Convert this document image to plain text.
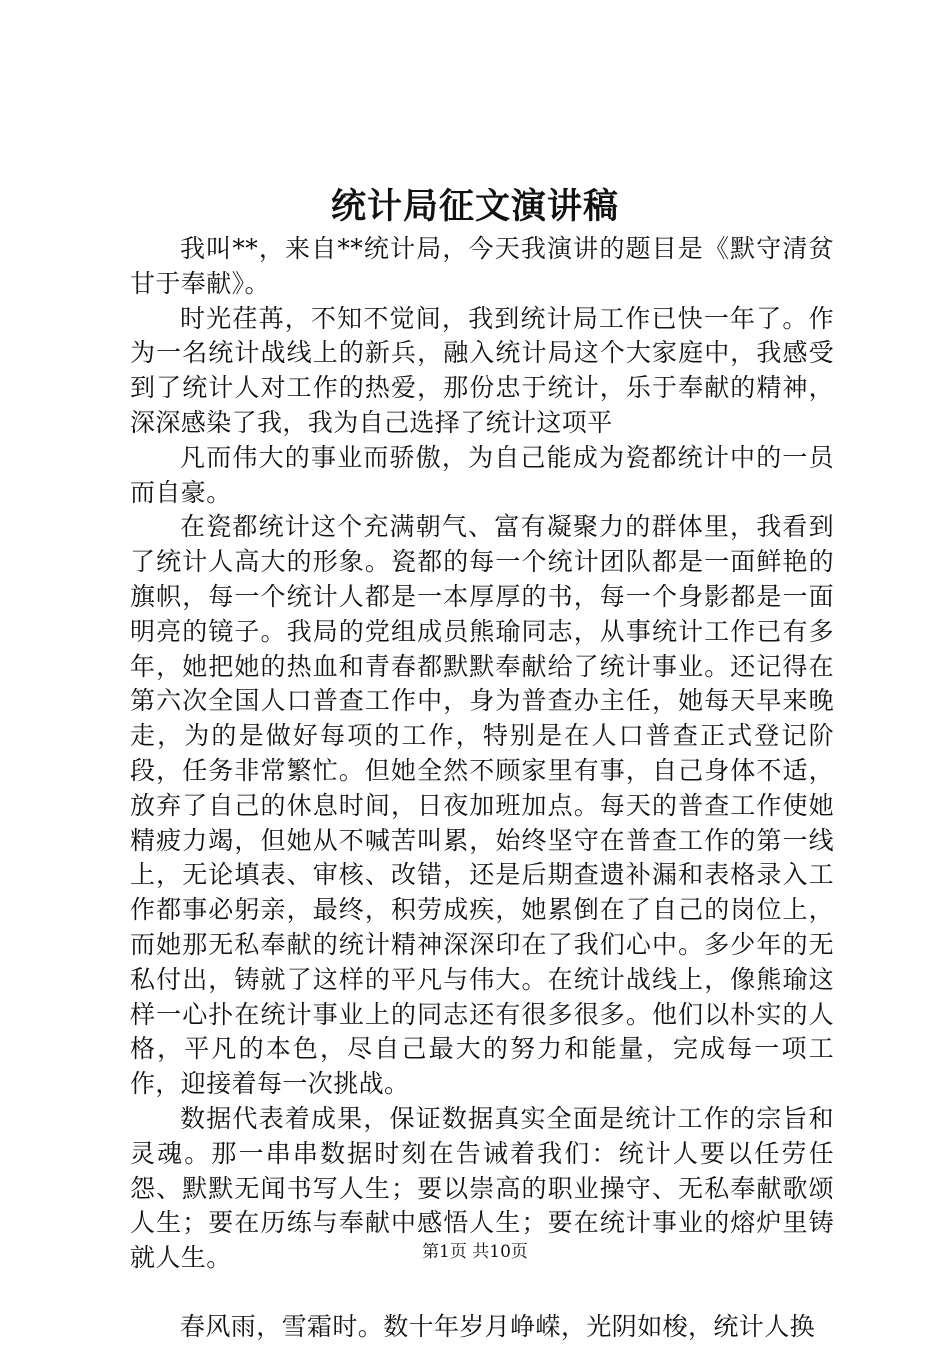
统计局征文演讲稿

我叫**，来自**统计局，今天我演讲的题目是《默守清贫甘于奉献》。

时光荏苒，不知不觉间，我到统计局工作已快一年了。作为一名统计战线上的新兵，融入统计局这个大家庭中，我感受到了统计人对工作的热爱，那份忠于统计，乐于奉献的精神，深深感染了我，我为自己选择了统计这项平

凡而伟大的事业而骄傲，为自己能成为瓷都统计中的一员而自豪。

在瓷都统计这个充满朝气、富有凝聚力的群体里，我看到了统计人高大的形象。瓷都的每一个统计团队都是一面鲜艳的旗帜，每一个统计人都是一本厚厚的书，每一个身影都是一面明亮的镜子。我局的党组成员熊瑜同志，从事统计工作已有多年，她把她的热血和青春都默默奉献给了统计事业。还记得在第六次全国人口普查工作中，身为普查办主任，她每天早来晚走，为的是做好每项的工作，特别是在人口普查正式登记阶段，任务非常繁忙。但她全然不顾家里有事，自己身体不适，放弃了自己的休息时间，日夜加班加点。每天的普查工作使她精疲力竭，但她从不喊苦叫累，始终坚守在普查工作的第一线上，无论填表、审核、改错，还是后期查遗补漏和表格录入工作都事必躬亲，最终，积劳成疾，她累倒在了自己的岗位上，而她那无私奉献的统计精神深深印在了我们心中。多少年的无私付出，铸就了这样的平凡与伟大。在统计战线上，像熊瑜这样一心扑在统计事业上的同志还有很多很多。他们以朴实的人格，平凡的本色，尽自己最大的努力和能量，完成每一项工作，迎接着每一次挑战。

数据代表着成果，保证数据真实全面是统计工作的宗旨和灵魂。那一串串数据时刻在告诫着我们：统计人要以任劳任怨、默默无闻书写人生；要以崇高的职业操守、无私奉献歌颂人生；要在历练与奉献中感悟人生；要在统计事业的熔炉里铸就人生。

春风雨，雪霜时。数十年岁月峥嵘，光阴如梭，统计人换

第1页 共10页
